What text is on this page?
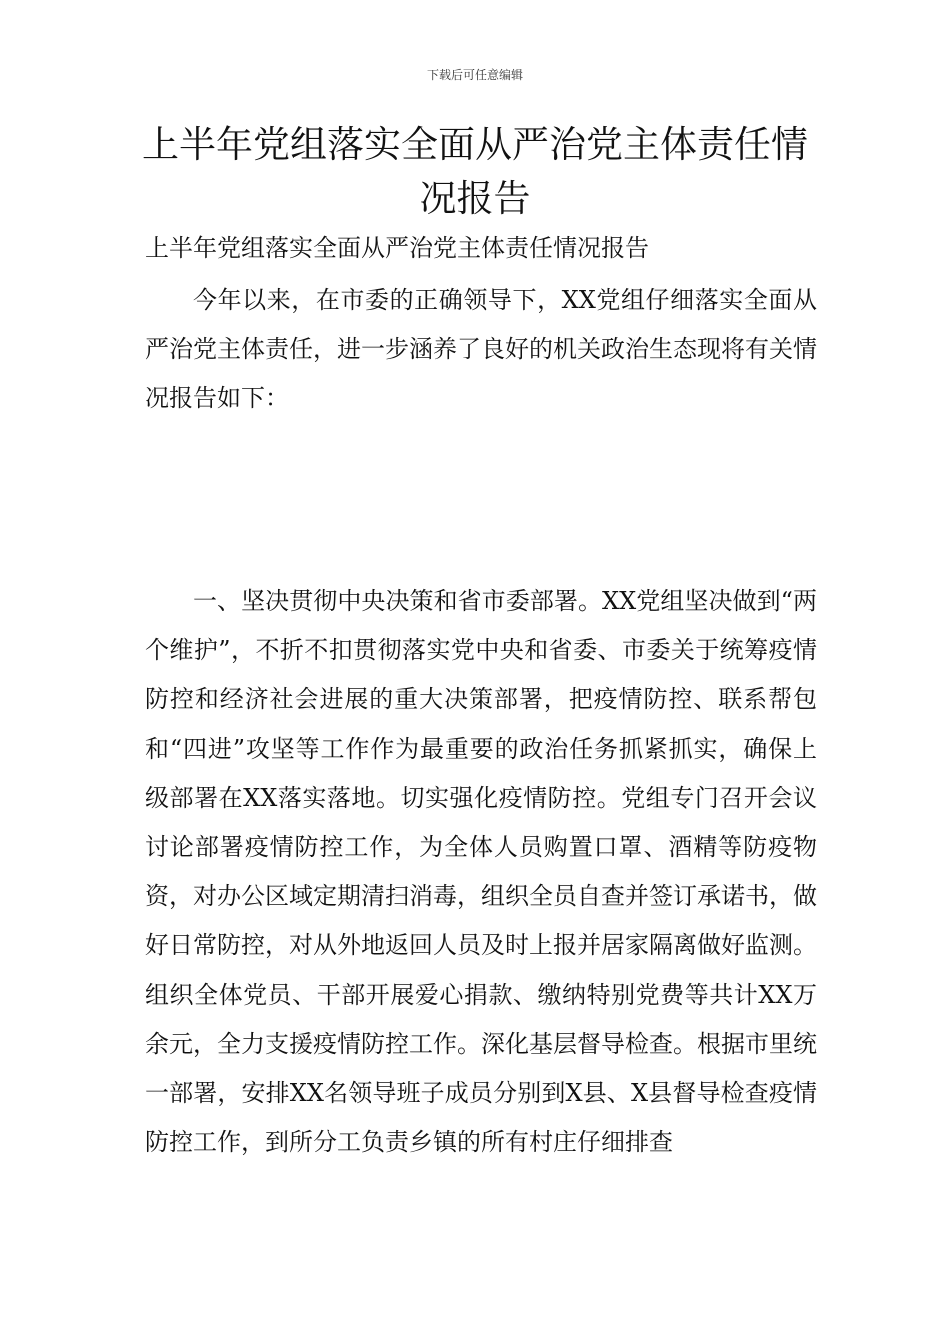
下载后可任意编辑
上半年党组落实全面从严治党主体责任情况报告

上半年党组落实全面从严治党主体责任情况报告

今年以来，在市委的正确领导下，XX党组仔细落实全面从严治党主体责任，进一步涵养了良好的机关政治生态现将有关情况报告如下：

一、坚决贯彻中央决策和省市委部署。XX党组坚决做到“两个维护”，不折不扣贯彻落实党中央和省委、市委关于统筹疫情防控和经济社会进展的重大决策部署，把疫情防控、联系帮包和“四进”攻坚等工作作为最重要的政治任务抓紧抓实，确保上级部署在XX落实落地。切实强化疫情防控。党组专门召开会议讨论部署疫情防控工作，为全体人员购置口罩、酒精等防疫物资，对办公区域定期清扫消毒，组织全员自查并签订承诺书，做好日常防控，对从外地返回人员及时上报并居家隔离做好监测。组织全体党员、干部开展爱心捐款、缴纳特别党费等共计XX万余元，全力支援疫情防控工作。深化基层督导检查。根据市里统一部署，安排XX名领导班子成员分别到X县、X县督导检查疫情防控工作，到所分工负责乡镇的所有村庄仔细排查
